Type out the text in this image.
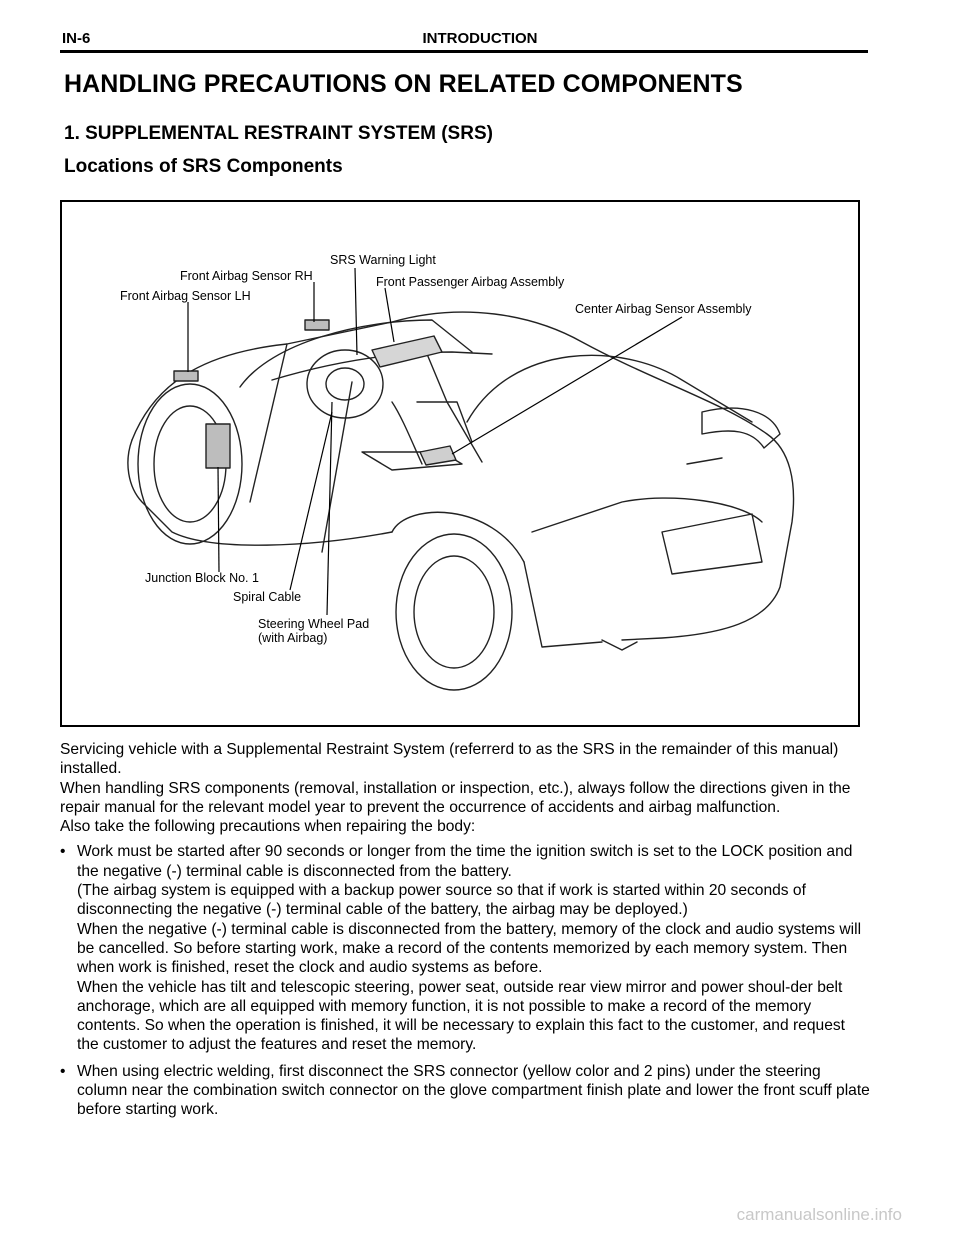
IN-6	INTRODUCTION
HANDLING PRECAUTIONS ON RELATED COMPONENTS
1. SUPPLEMENTAL RESTRAINT SYSTEM (SRS)
Locations of SRS Components
SRS Warning Light
Front Airbag Sensor RH	Front Passenger Airbag Assembly
Front Airbag Sensor LH
Center Airbag Sensor Assembly
Junction Block No. 1
Spiral Cable
Steering Wheel Pad
(with Airbag)

Servicing vehicle with a Supplemental Restraint System (referrerd to as the SRS in the remainder of this manual) installed.

When handling SRS components (removal, installation or inspection, etc.), always follow the directions given in the repair manual for the relevant model year to prevent the occurrence of accidents and airbag malfunction.

Also take the following precautions when repairing the body:

• Work must be started after 90 seconds or longer from the time the ignition switch is set to the LOCK position and the negative (-) terminal cable is disconnected from the battery.

(The airbag system is equipped with a backup power source so that if work is started within 20 seconds of disconnecting the negative (-) terminal cable of the battery, the airbag may be deployed.)

When the negative (-) terminal cable is disconnected from the battery, memory of the clock and audio systems will be cancelled. So before starting work, make a record of the contents memorized by each memory system. Then when work is finished, reset the clock and audio systems as before.

When the vehicle has tilt and telescopic steering, power seat, outside rear view mirror and power shoul-der belt anchorage, which are all equipped with memory function, it is not possible to make a record of the memory contents. So when the operation is finished, it will be necessary to explain this fact to the customer, and request the customer to adjust the features and reset the memory.

• When using electric welding, first disconnect the SRS connector (yellow color and 2 pins) under the steering column near the combination switch connector on the glove compartment finish plate and lower the front scuff plate before starting work.

carmanualsonline.info
